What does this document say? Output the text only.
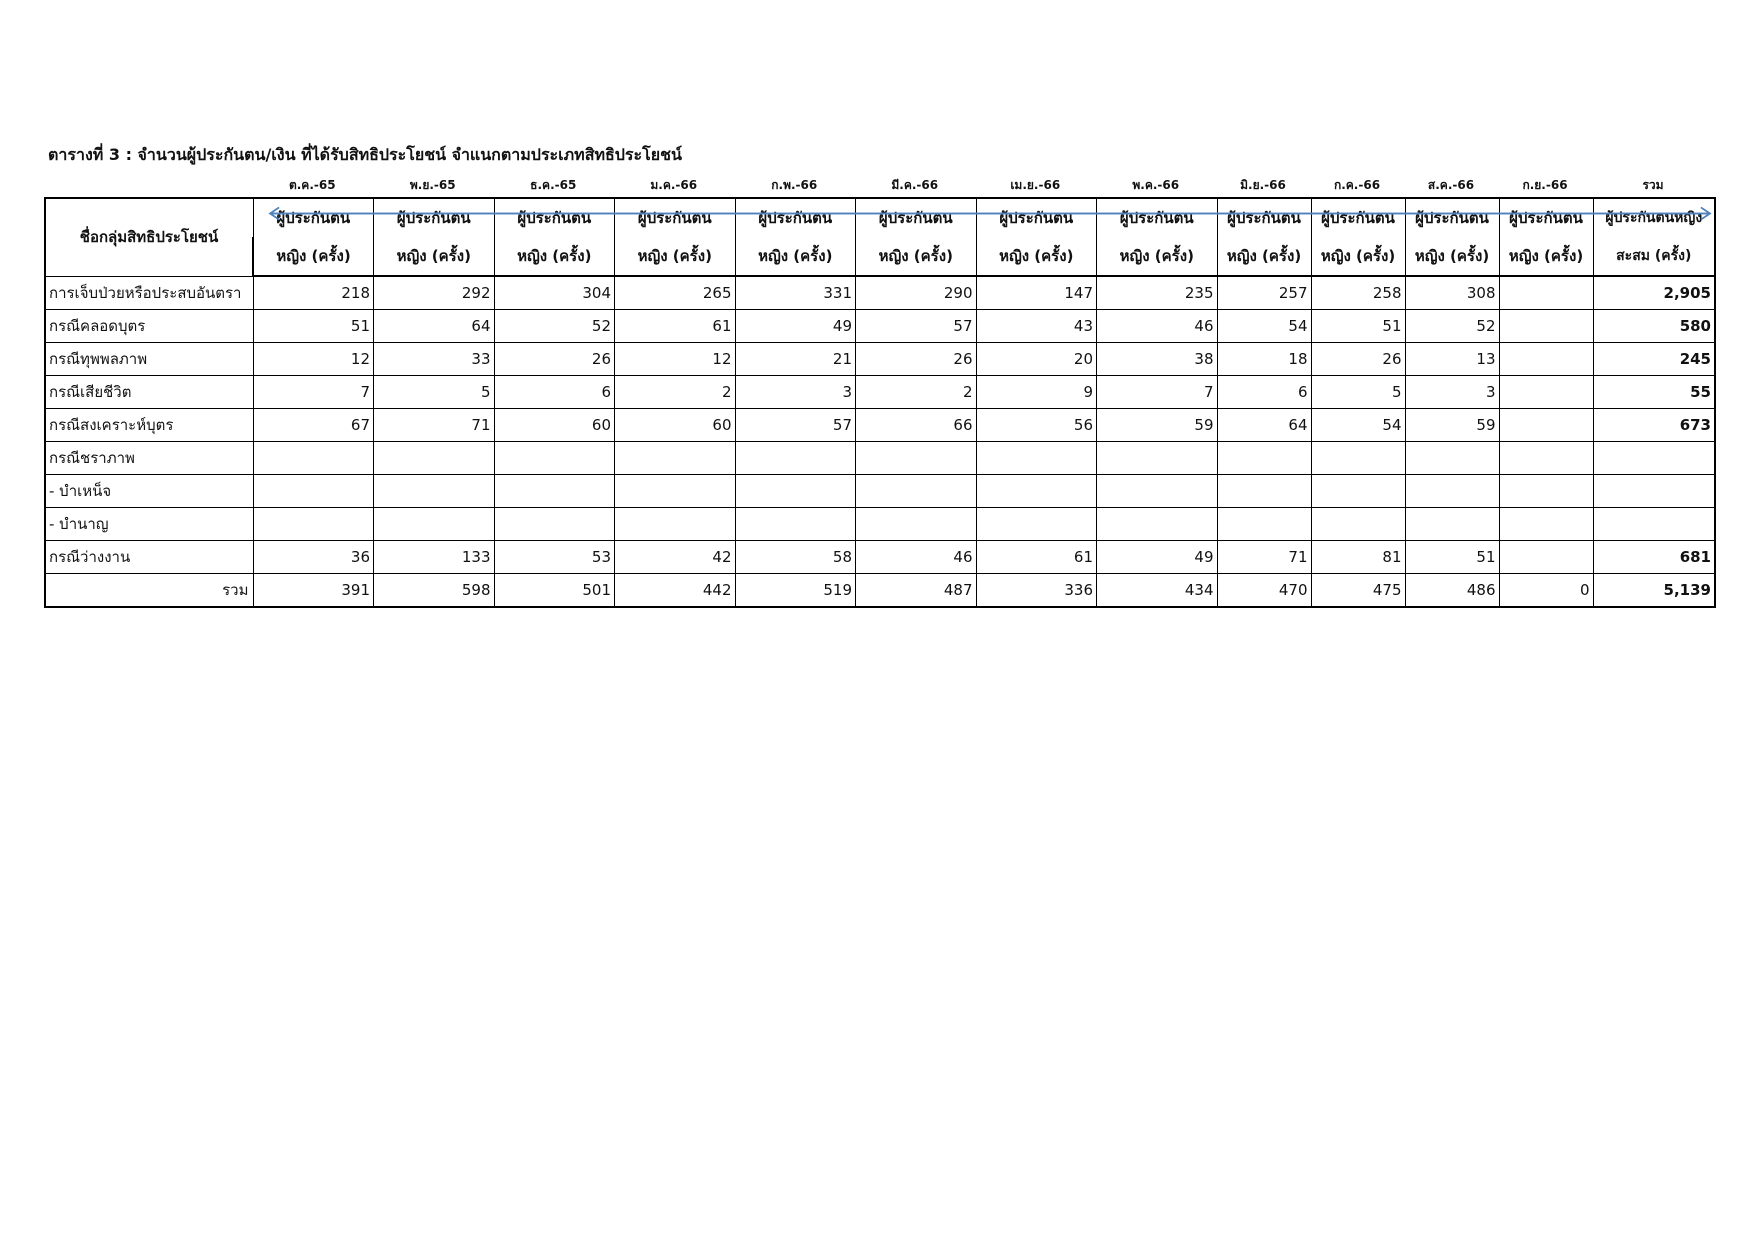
ตารางที่ 3 : จำนวนผู้ประกันตน/เงิน ที่ได้รับสิทธิประโยชน์ จำแนกตามประเภทสิทธิประโยชน์
ต.ค.-65	พ.ย.-65	ธ.ค.-65	ม.ค.-66	ก.พ.-66	มี.ค.-66	เม.ย.-66	พ.ค.-66	มิ.ย.-66	ก.ค.-66	ส.ค.-66	ก.ย.-66	รวม
ชื่อกลุ่มสิทธิประโยชน์	ผู้ประกันตน	ผู้ประกันตน	ผู้ประกันตน	ผู้ประกันตน	ผู้ประกันตน	ผู้ประกันตน	ผู้ประกันตน	ผู้ประกันตน	ผู้ประกันตน	ผู้ประกันตน	ผู้ประกันตน	ผู้ประกันตน	ผู้ประกันตนหญิง
	หญิง (ครั้ง)	หญิง (ครั้ง)	หญิง (ครั้ง)	หญิง (ครั้ง)	หญิง (ครั้ง)	หญิง (ครั้ง)	หญิง (ครั้ง)	หญิง (ครั้ง)	หญิง (ครั้ง)	หญิง (ครั้ง)	หญิง (ครั้ง)	หญิง (ครั้ง)	สะสม (ครั้ง)
การเจ็บป่วยหรือประสบอันตรา	218	292	304	265	331	290	147	235	257	258	308		2,905
กรณีคลอดบุตร	51	64	52	61	49	57	43	46	54	51	52		580
กรณีทุพพลภาพ	12	33	26	12	21	26	20	38	18	26	13		245
กรณีเสียชีวิต	7	5	6	2	3	2	9	7	6	5	3		55
กรณีสงเคราะห์บุตร	67	71	60	60	57	66	56	59	64	54	59		673
กรณีชราภาพ													
- บำเหน็จ													
- บำนาญ													
กรณีว่างงาน	36	133	53	42	58	46	61	49	71	81	51		681
รวม	391	598	501	442	519	487	336	434	470	475	486	0	5,139
